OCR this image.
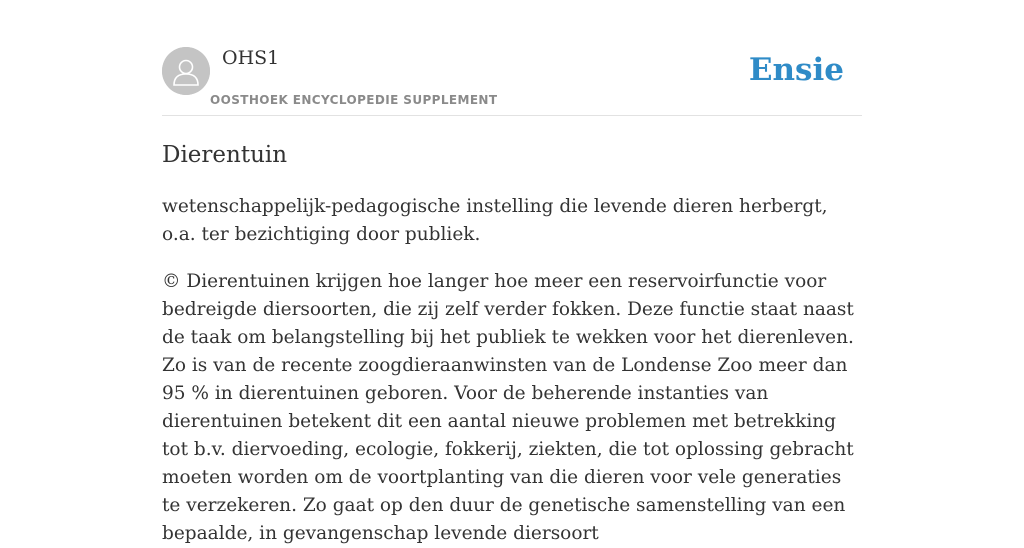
OHS1
OOSTHOEK ENCYCLOPEDIE SUPPLEMENT
Ensie
Dierentuin

wetenschappelijk-pedagogische instelling die levende dieren herbergt, o.a. ter bezichtiging door publiek.

© Dierentuinen krijgen hoe langer hoe meer een reservoirfunctie voor bedreigde diersoorten, die zij zelf verder fokken. Deze functie staat naast de taak om belangstelling bij het publiek te wekken voor het dierenleven. Zo is van de recente zoogdieraanwinsten van de Londense Zoo meer dan 95 % in dierentuinen geboren. Voor de beherende instanties van dierentuinen betekent dit een aantal nieuwe problemen met betrekking tot b.v. diervoeding, ecologie, fokkerij, ziekten, die tot oplossing gebracht moeten worden om de voortplanting van die dieren voor vele generaties te verzekeren. Zo gaat op den duur de genetische samenstelling van een bepaalde, in gevangenschap levende diersoort
